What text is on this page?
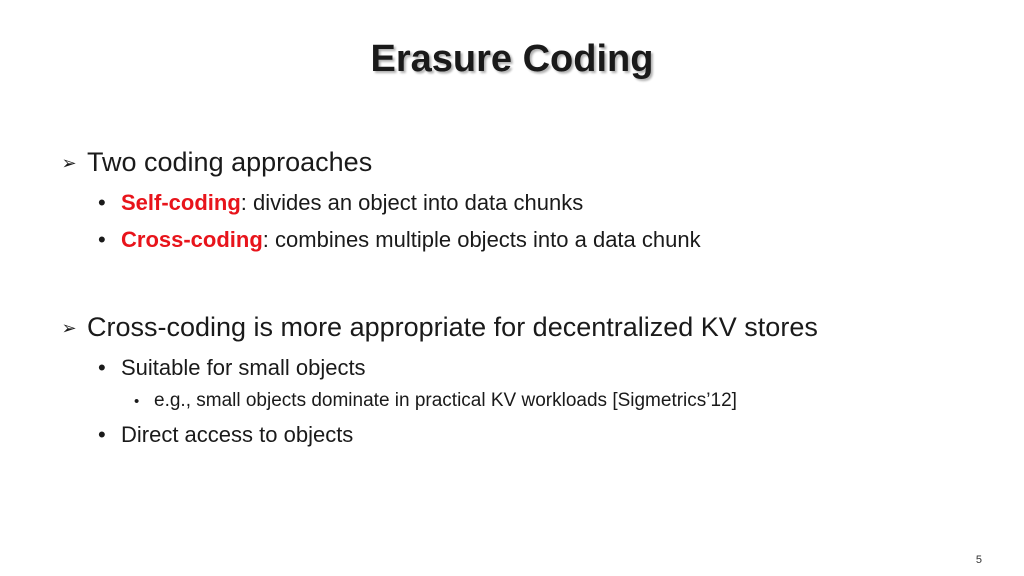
Erasure Coding
➢ Two coding approaches
• Self-coding: divides an object into data chunks
• Cross-coding: combines multiple objects into a data chunk
➢ Cross-coding is more appropriate for decentralized KV stores
• Suitable for small objects
• e.g., small objects dominate in practical KV workloads [Sigmetrics’12]
• Direct access to objects
5
